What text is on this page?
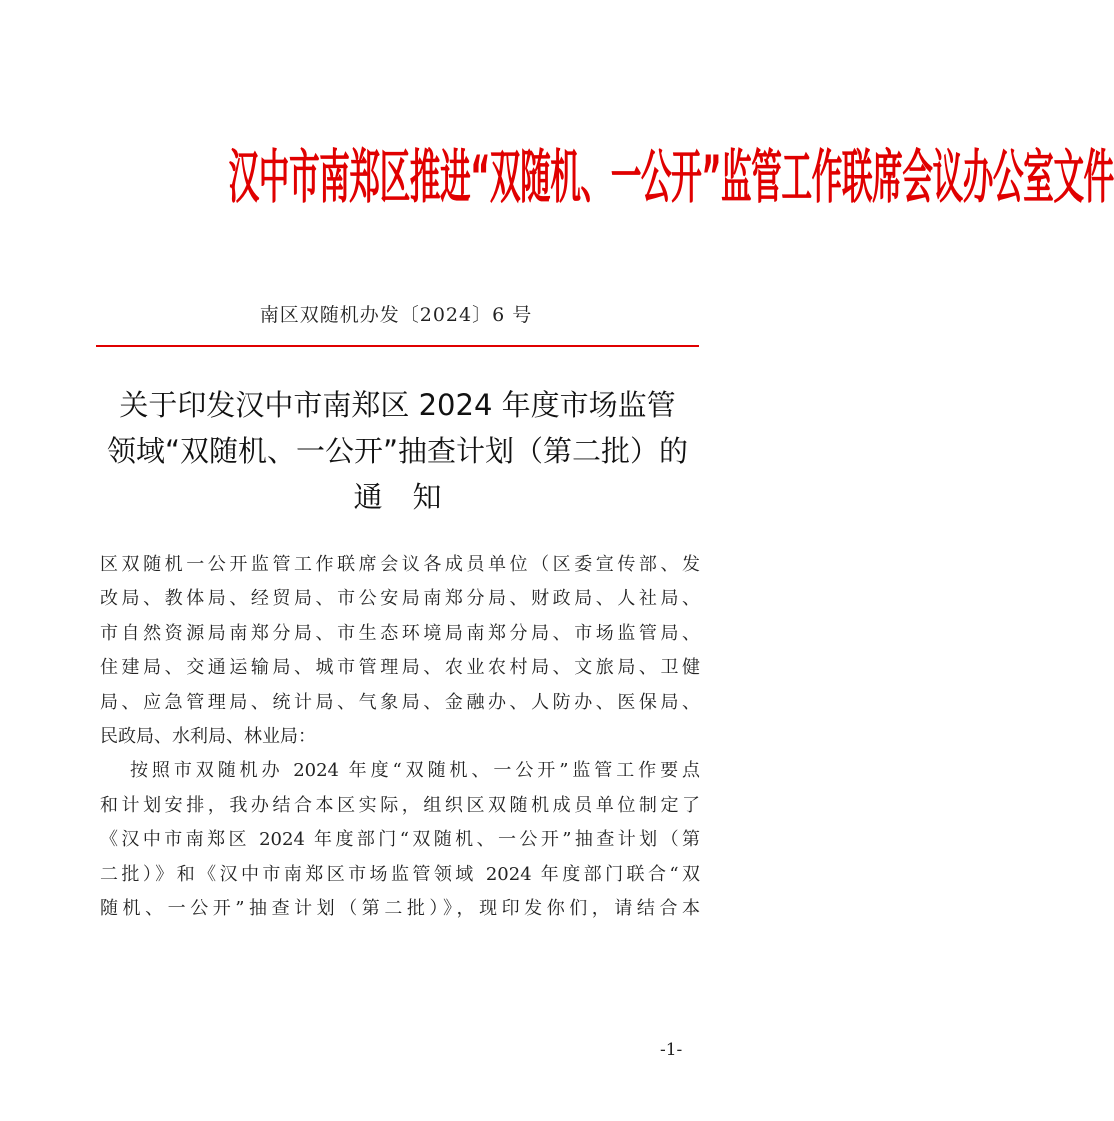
汉中市南郑区推进“双随机、一公开”监管工作联席会议办公室文件
南区双随机办发〔2024〕6 号
关于印发汉中市南郑区 2024 年度市场监管
领域“双随机、一公开”抽查计划（第二批）的
通知
区双随机一公开监管工作联席会议各成员单位（区委宣传部、发
改局、教体局、经贸局、市公安局南郑分局、财政局、人社局、
市自然资源局南郑分局、市生态环境局南郑分局、市场监管局、
住建局、交通运输局、城市管理局、农业农村局、文旅局、卫健
局、应急管理局、统计局、气象局、金融办、人防办、医保局、
民政局、水利局、林业局：
按照市双随机办 2024 年度“双随机、一公开”监管工作要点
和计划安排，我办结合本区实际，组织区双随机成员单位制定了
《汉中市南郑区 2024 年度部门“双随机、一公开”抽查计划（第
二批）》和《汉中市南郑区市场监管领域 2024 年度部门联合“双
随机、一公开”抽查计划（第二批）》，现印发你们，请结合本
-1-
